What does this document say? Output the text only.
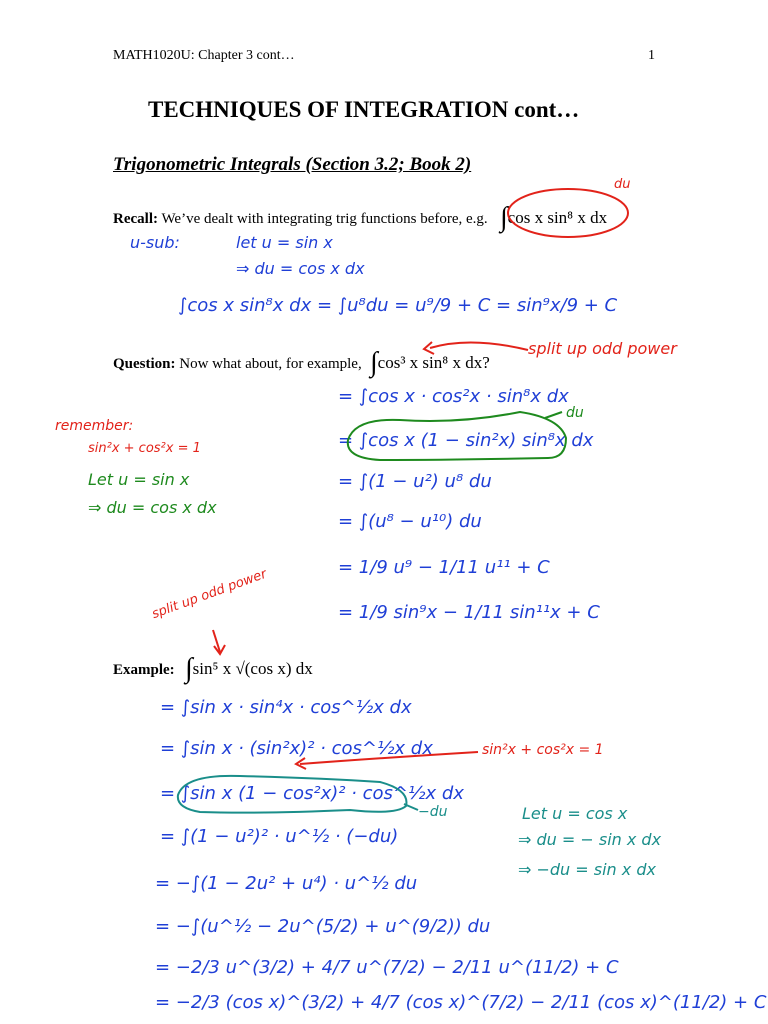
MATH1020U: Chapter 3 cont…	1
TECHNIQUES OF INTEGRATION cont…
Trigonometric Integrals (Section 3.2; Book 2)
Recall: We’ve dealt with integrating trig functions before, e.g. ∫cos x sin⁸ x dx
du
u-sub:	let u = sin x
⇒ du = cos x dx
∫cos x sin⁸x dx = ∫u⁸du = u⁹/9 + C = sin⁹x/9 + C
Question: Now what about, for example, ∫cos³ x sin⁸ x dx?
split up odd power
remember:
sin²x + cos²x = 1
Let u = sin x
⇒ du = cos x dx
du
= ∫cos x · cos²x · sin⁸x dx
= ∫cos x (1 − sin²x) sin⁸x dx
= ∫(1 − u²) u⁸ du
= ∫(u⁸ − u¹⁰) du
= 1/9 u⁹ − 1/11 u¹¹ + C
= 1/9 sin⁹x − 1/11 sin¹¹x + C
split up odd power
Example: ∫sin⁵ x √(cos x) dx
= ∫sin x · sin⁴x · cos^½x dx
= ∫sin x · (sin²x)² · cos^½x dx	sin²x + cos²x = 1
= ∫sin x (1 − cos²x)² · cos^½x dx
−du	Let u = cos x
⇒ du = − sin x dx
⇒ −du = sin x dx
= ∫(1 − u²)² · u^½ · (−du)
= −∫(1 − 2u² + u⁴) · u^½ du
= −∫(u^½ − 2u^(5/2) + u^(9/2)) du
= −2/3 u^(3/2) + 4/7 u^(7/2) − 2/11 u^(11/2) + C
= −2/3 (cos x)^(3/2) + 4/7 (cos x)^(7/2) − 2/11 (cos x)^(11/2) + C
